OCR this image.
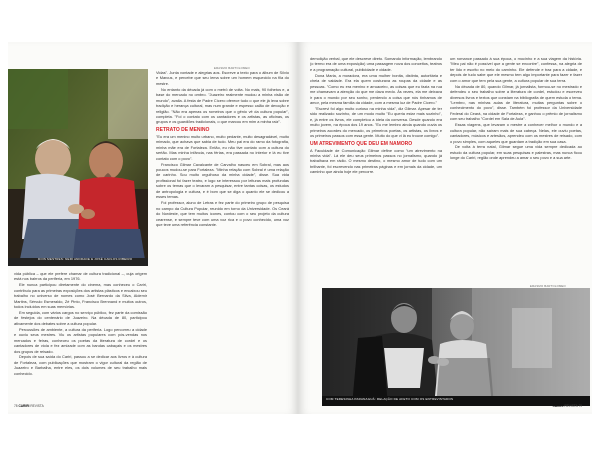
ERASMO BARTOLOMEO
DOIS MESTRES: NERI ANDRADE E JOSÉ CARLOS RIBEIRO

vida pública – que ele prefere chamar de cultura tradicional –, cuja origem está nos bairros da periferia, em 1976.

Ele nunca participou diretamente do cinema, mas conheceu o Cariri, contribuiu para as primeiras exposições dos artistas plásticos e encaixou seu trabalho no universo de nomes como José Bernardo da Silva, Aldemir Martins, Sérvulo Esmeraldo, Zé Pinto, Francisco Brennand e muitos outros, todos incluídos em suas memórias.

Em seguida, com vários cargos no serviço público, fez parte da comissão de festejos do centenário de Juazeiro. Na década de 80, participou ativamente dos debates sobre a cultura popular.

Percussões de ambiente, a cultura da periferia. Logo percorreu a cidade e ouviu seus mestres. Viu os artistas populares com pós-vendas nos mercados e feiras, conheceu os poetas da literatura de cordel e os cantadores de viola e fez amizade com as bandas cabaçais e os mestres dos grupos de reisado.

Depois de sua saída do Cariri, passou a se dedicar aos livros e à cultura de Fortaleza, com publicações que mostram o vigor cultural da região de Juazeiro e Barbalha, entre eles, os dois volumes de seu trabalho mais conhecido.

Vidas". Junta vontade e alegrias aos. Escreve a texto para o álbum de Sílvio e Marcus, e percebe que seu lema sobre um homem esquecido na fila do mestre.

No entanto da década já com o metrô de volta. No mais, 90 folhetos e, a base do mercado no ombro. "Juazeiro realmente mudou a minha visão de mundo", avalia. A festa de Padre Cícero oferece tudo o que ele já leva sobre tradição e herança cultural, mas num grande e espesso calão de devoção e religião. "Não era apenas os romeiros que o gênio vê da cultura popular", completa. "Foi o contato com os cantadores e os artistas, as oficinas, os grupos e os guardiões tradicionais, o que marcou em mim a minha raiz".

RETRATO DE MENINO

"Eu era um menino muito urbano, muito pedante, muito desagradável, muito mimado, que achava que sabia de tudo. Meu pai era do ramo da fotografia, minha mãe era de Fortaleza. Então, eu não tive contato com a cultura do sertão. Mas minha infância, nas férias, era passada no interior e lá eu tive contato com o povo".

Francisco Gilmar Cavalcante de Carvalho nasceu em Sobral, mas aos poucos mudou-se para Fortaleza. "Minha relação com Sobral é uma relação de carinho. Sou muito orgulhoso da minha cidade", disse. Sua vida profissional foi fazer teatro, e logo se interessou por leituras mais profundas sobre os temas que o levaram a pesquisar, entre tantas coisas, os estudos de antropologia e cultura, e é bom que se diga o quanto ele se dedicou a esses temas.

Foi professor, aluno de Letras e fez parte do primeiro grupo de pesquisa no campo da Cultura Popular, reunido em torno da Universidade. Os Ceará do Nordeste, que tem muitos ícones, contou com o seu projeto da cultura cearense, e sempre teve com uma voz rica e o povo conhecido, uma voz que teve uma referência constante.

78 CARIRI REVISTA

demolição verbal, que ele descreve direto. Somando informação, lembrando (o termo era de uma exposição) uma passagem nova dos conceitos, teatros e a programação cultural, publicidade e cidade.

Dona Maria, a moradora, era uma mulher bonita, distinta, autoritária e cheia de vaidade. Era ela quem costurava as roupas da cidade e as pessoas. "Como eu era menino e arruaceiro, as coisas que eu fazia na rua me chamavam a atenção do que me dava medo. Às vezes, ela me deixava ir para o mundo por seu sonho, perdendo a coisa que nós tínhamos de amor, pela mesma família da cidade, com a mesma luz de Padre Cícero."

"Escrevi foi algo muito curioso na minha vida", diz Gilmar. Apesar de ter sido realizado sozinho, de um modo muito "Eu queria estar mais sozinho", e, já entre os livros, ele completou a ideia da conversa. Desde quando era muito jovem, na época dos 19 anos. "Eu me lembro ainda quando ouvia os primeiros acordes do mercado, os primeiros poetas, os artistas, os livros e os primeiros passos com essa gente. Muito do que vi lá eu trouxe comigo".

UM ATREVIMENTO QUE DEU EM NAMORO

A Faculdade de Comunicação Gilmar define como "um atrevimento na minha vida". Lá ele deu seus primeiros passos no jornalismo, quando já trabalhava em rádio. O mesmo destino, o mesmo amor de tudo com um brilhante, foi escrevendo nas primeiras páginas e em jornais da cidade, um caminho que ainda hoje ele percorre.

um romance passado à sua época, o mocinho e a sua viagem da história. "Meu pai não é possível que a gente se encontre", confessa, na alegria de ter lido e escrito no meio do caminho. Ele defende e traz para a cidade, e depois de tudo sabe que ele mesmo tem algo importante para fazer e fazer com o amor que tem pela sua gente, a cultura popular de sua terra.

Na década de 80, quando Gilmar, já jornalista, formou-se no mestrado e defendeu o seu trabalho sobre a literatura de cordel, estudou e escreveu diversos livros e textos que constam na bibliografia de quem estuda o tema. "Lembro, nas minhas aulas de literatura, muitas perguntas sobre o conhecimento do povo", disse. Também foi professor da Universidade Federal do Ceará, na cidade de Fortaleza, e ganhou o prêmio de jornalismo com seu trabalho "Cordel em Sala de Aula".

Essas viagens, que levaram o mestre a conhecer melhor o mundo e a cultura popular, não saíram mais de sua cabeça. Nelas, ele ouviu poetas, cantadores, músicos e artesãos, aprendeu com os mestres de reisado, com o povo simples, com aqueles que guardam a tradição em sua casa.

De volta à terra natal, Gilmar segue uma vida sempre dedicada ao estudo da cultura popular, em suas pesquisas e palestras, mas nunca ficou longe do Cariri, região onde aprendeu a amar o seu povo e a sua arte.

ERASMO BARTOLOMEO
COM TERESINHA PARANAGUÁ: RELAÇÃO DE AFETO COM OS ENTREVISTADOS
CARIRI REVISTA 79
